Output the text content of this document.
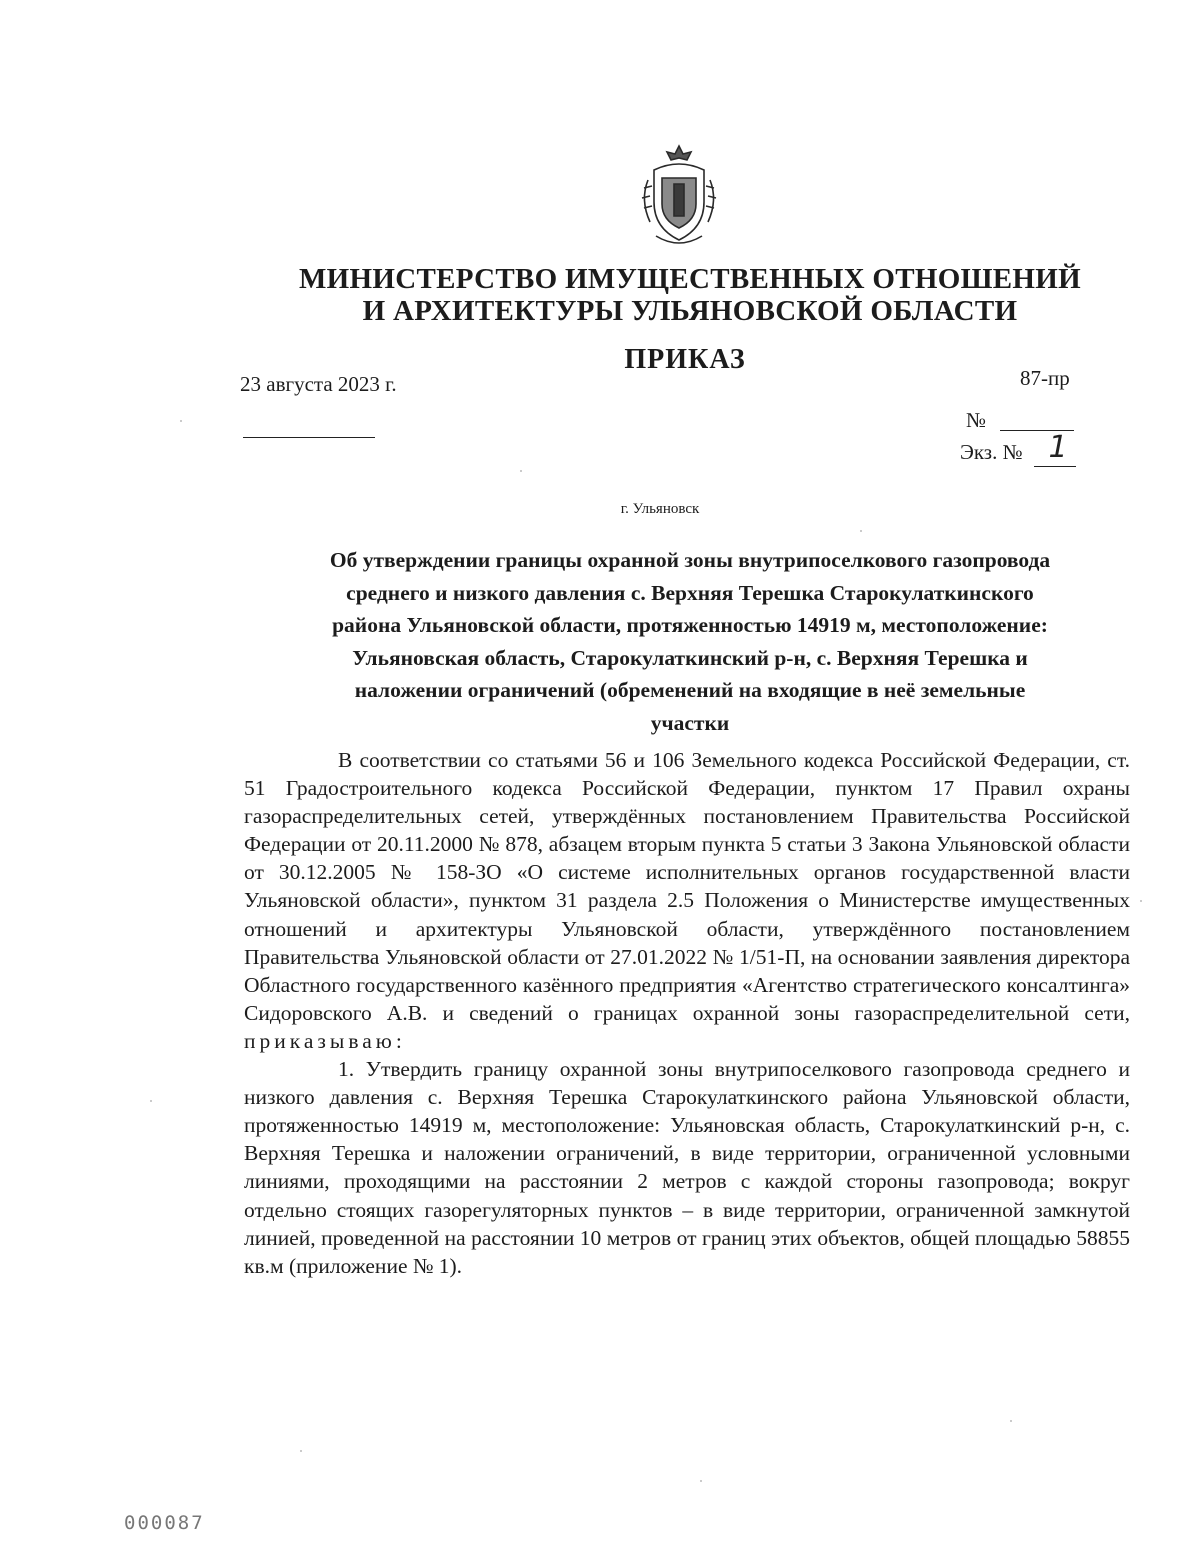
МИНИСТЕРСТВО ИМУЩЕСТВЕННЫХ ОТНОШЕНИЙ
И АРХИТЕКТУРЫ УЛЬЯНОВСКОЙ ОБЛАСТИ
ПРИКАЗ
23 августа 2023 г.	87-пр
№
Экз. № 1
г. Ульяновск
Об утверждении границы охранной зоны внутрипоселкового газопровода
среднего и низкого давления с. Верхняя Терешка Старокулаткинского
района Ульяновской области, протяженностью 14919 м, местоположение:
Ульяновская область, Старокулаткинский р-н, с. Верхняя Терешка и
наложении ограничений (обременений на входящие в неё земельные
участки

В соответствии со статьями 56 и 106 Земельного кодекса Российской Федерации, ст. 51 Градостроительного кодекса Российской Федерации, пунктом 17 Правил охраны газораспределительных сетей, утверждённых постановлением Правительства Российской Федерации от 20.11.2000 № 878, абзацем вторым пункта 5 статьи 3 Закона Ульяновской области от 30.12.2005 № 158-ЗО «О системе исполнительных органов государственной власти Ульяновской области», пунктом 31 раздела 2.5 Положения о Министерстве имущественных отношений и архитектуры Ульяновской области, утверждённого постановлением Правительства Ульяновской области от 27.01.2022 № 1/51-П, на основании заявления директора Областного государственного казённого предприятия «Агентство стратегического консалтинга» Сидоровского А.В. и сведений о границах охранной зоны газораспределительной сети, приказываю:

1. Утвердить границу охранной зоны внутрипоселкового газопровода среднего и низкого давления с. Верхняя Терешка Старокулаткинского района Ульяновской области, протяженностью 14919 м, местоположение: Ульяновская область, Старокулаткинский р-н, с. Верхняя Терешка и наложении ограничений, в виде территории, ограниченной условными линиями, проходящими на расстоянии 2 метров с каждой стороны газопровода; вокруг отдельно стоящих газорегуляторных пунктов – в виде территории, ограниченной замкнутой линией, проведенной на расстоянии 10 метров от границ этих объектов, общей площадью 58855 кв.м (приложение № 1).

000087
